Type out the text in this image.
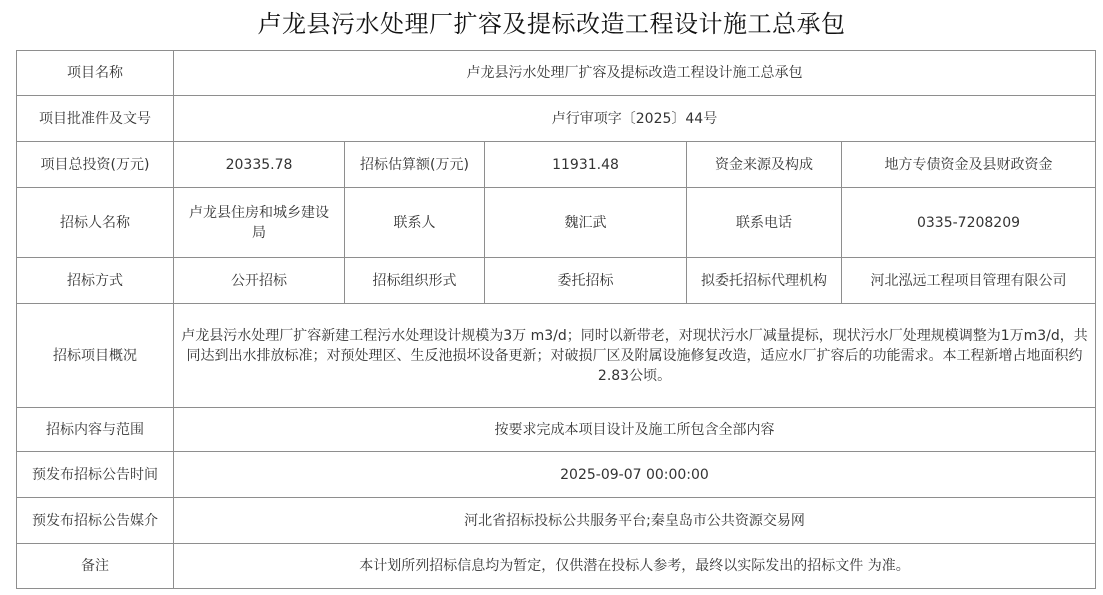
卢龙县污水处理厂扩容及提标改造工程设计施工总承包
项目名称	卢龙县污水处理厂扩容及提标改造工程设计施工总承包				
项目批准件及文号	卢行审项字〔2025〕44号				
项目总投资(万元)	20335.78	招标估算额(万元)	11931.48	资金来源及构成	地方专债资金及县财政资金
招标人名称	卢龙县住房和城乡建设局	联系人	魏汇武	联系电话	0335-7208209
招标方式	公开招标	招标组织形式	委托招标	拟委托招标代理机构	河北泓远工程项目管理有限公司
招标项目概况	卢龙县污水处理厂扩容新建工程污水处理设计规模为3万 m3/d；同时以新带老，对现状污水厂减量提标，现状污水厂处理规模调整为1万m3/d，共同达到出水排放标准；对预处理区、生反池损坏设备更新；对破损厂区及附属设施修复改造，适应水厂扩容后的功能需求。本工程新增占地面积约2.83公顷。				
招标内容与范围	按要求完成本项目设计及施工所包含全部内容				
预发布招标公告时间	2025-09-07 00:00:00				
预发布招标公告媒介	河北省招标投标公共服务平台;秦皇岛市公共资源交易网				
备注	本计划所列招标信息均为暂定，仅供潜在投标人参考，最终以实际发出的招标文件 为准。				
